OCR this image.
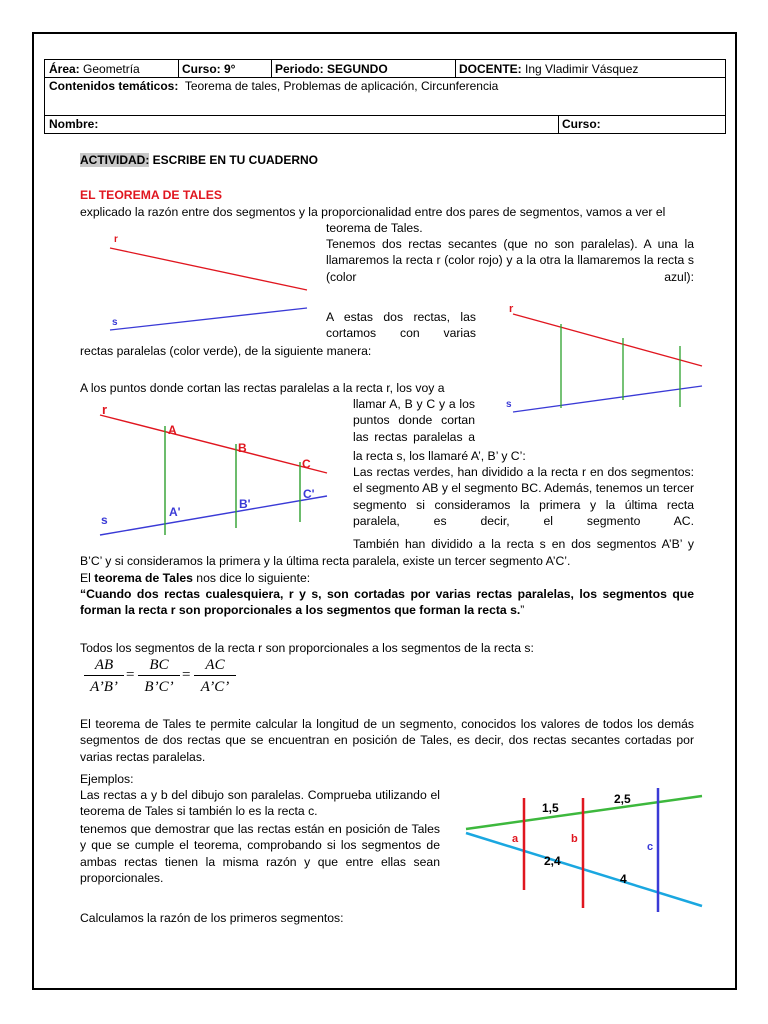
Área: Geometría	Curso: 9°	Periodo: SEGUNDO	DOCENTE: Ing Vladimir Vásquez
Contenidos temáticos: Teorema de tales, Problemas de aplicación, Circunferencia
Nombre:	Curso:
ACTIVIDAD: ESCRIBE EN TU CUADERNO
EL TEOREMA DE TALES
explicado la razón entre dos segmentos y la proporcionalidad entre dos pares de segmentos, vamos a ver el
teorema de Tales.
Tenemos dos rectas secantes (que no son paralelas). A una la llamaremos la recta r (color rojo) y a la otra la llamaremos la recta s (color azul):
A estas dos rectas, las cortamos con varias
rectas paralelas (color verde), de la siguiente manera:
A los puntos donde cortan las rectas paralelas a la recta r, los voy a
llamar A, B y C y a los puntos donde cortan las rectas paralelas a
la recta s, los llamaré A’, B’ y C’:
Las rectas verdes, han dividido a la recta r en dos segmentos: el segmento AB y el segmento BC. Además, tenemos un tercer segmento si consideramos la primera y la última recta paralela, es decir, el segmento AC.
También han dividido a la recta s en dos segmentos A’B’ y
B’C’ y si consideramos la primera y la última recta paralela, existe un tercer segmento A’C’.
El teorema de Tales nos dice lo siguiente:
“Cuando dos rectas cualesquiera, r y s, son cortadas por varias rectas paralelas, los segmentos que forman la recta r son proporcionales a los segmentos que forman la recta s.”
Todos los segmentos de la recta r son proporcionales a los segmentos de la recta s:
$\frac{AB}{A’B’} = \frac{BC}{B’C’} = \frac{AC}{A’C’}$
El teorema de Tales te permite calcular la longitud de un segmento, conocidos los valores de todos los demás segmentos de dos rectas que se encuentran en posición de Tales, es decir, dos rectas secantes cortadas por varias rectas paralelas.
Ejemplos:
Las rectas a y b del dibujo son paralelas. Comprueba utilizando el teorema de Tales si también lo es la recta c.
tenemos que demostrar que las rectas están en posición de Tales y que se cumple el teorema, comprobando si los segmentos de ambas rectas tienen la misma razón y que entre ellas sean proporcionales.
Calculamos la razón de los primeros segmentos:
r
s
r
s
r
s
A
B
C
A'
B'
C'
a	b
c
1,5
2,5
2,4
4
